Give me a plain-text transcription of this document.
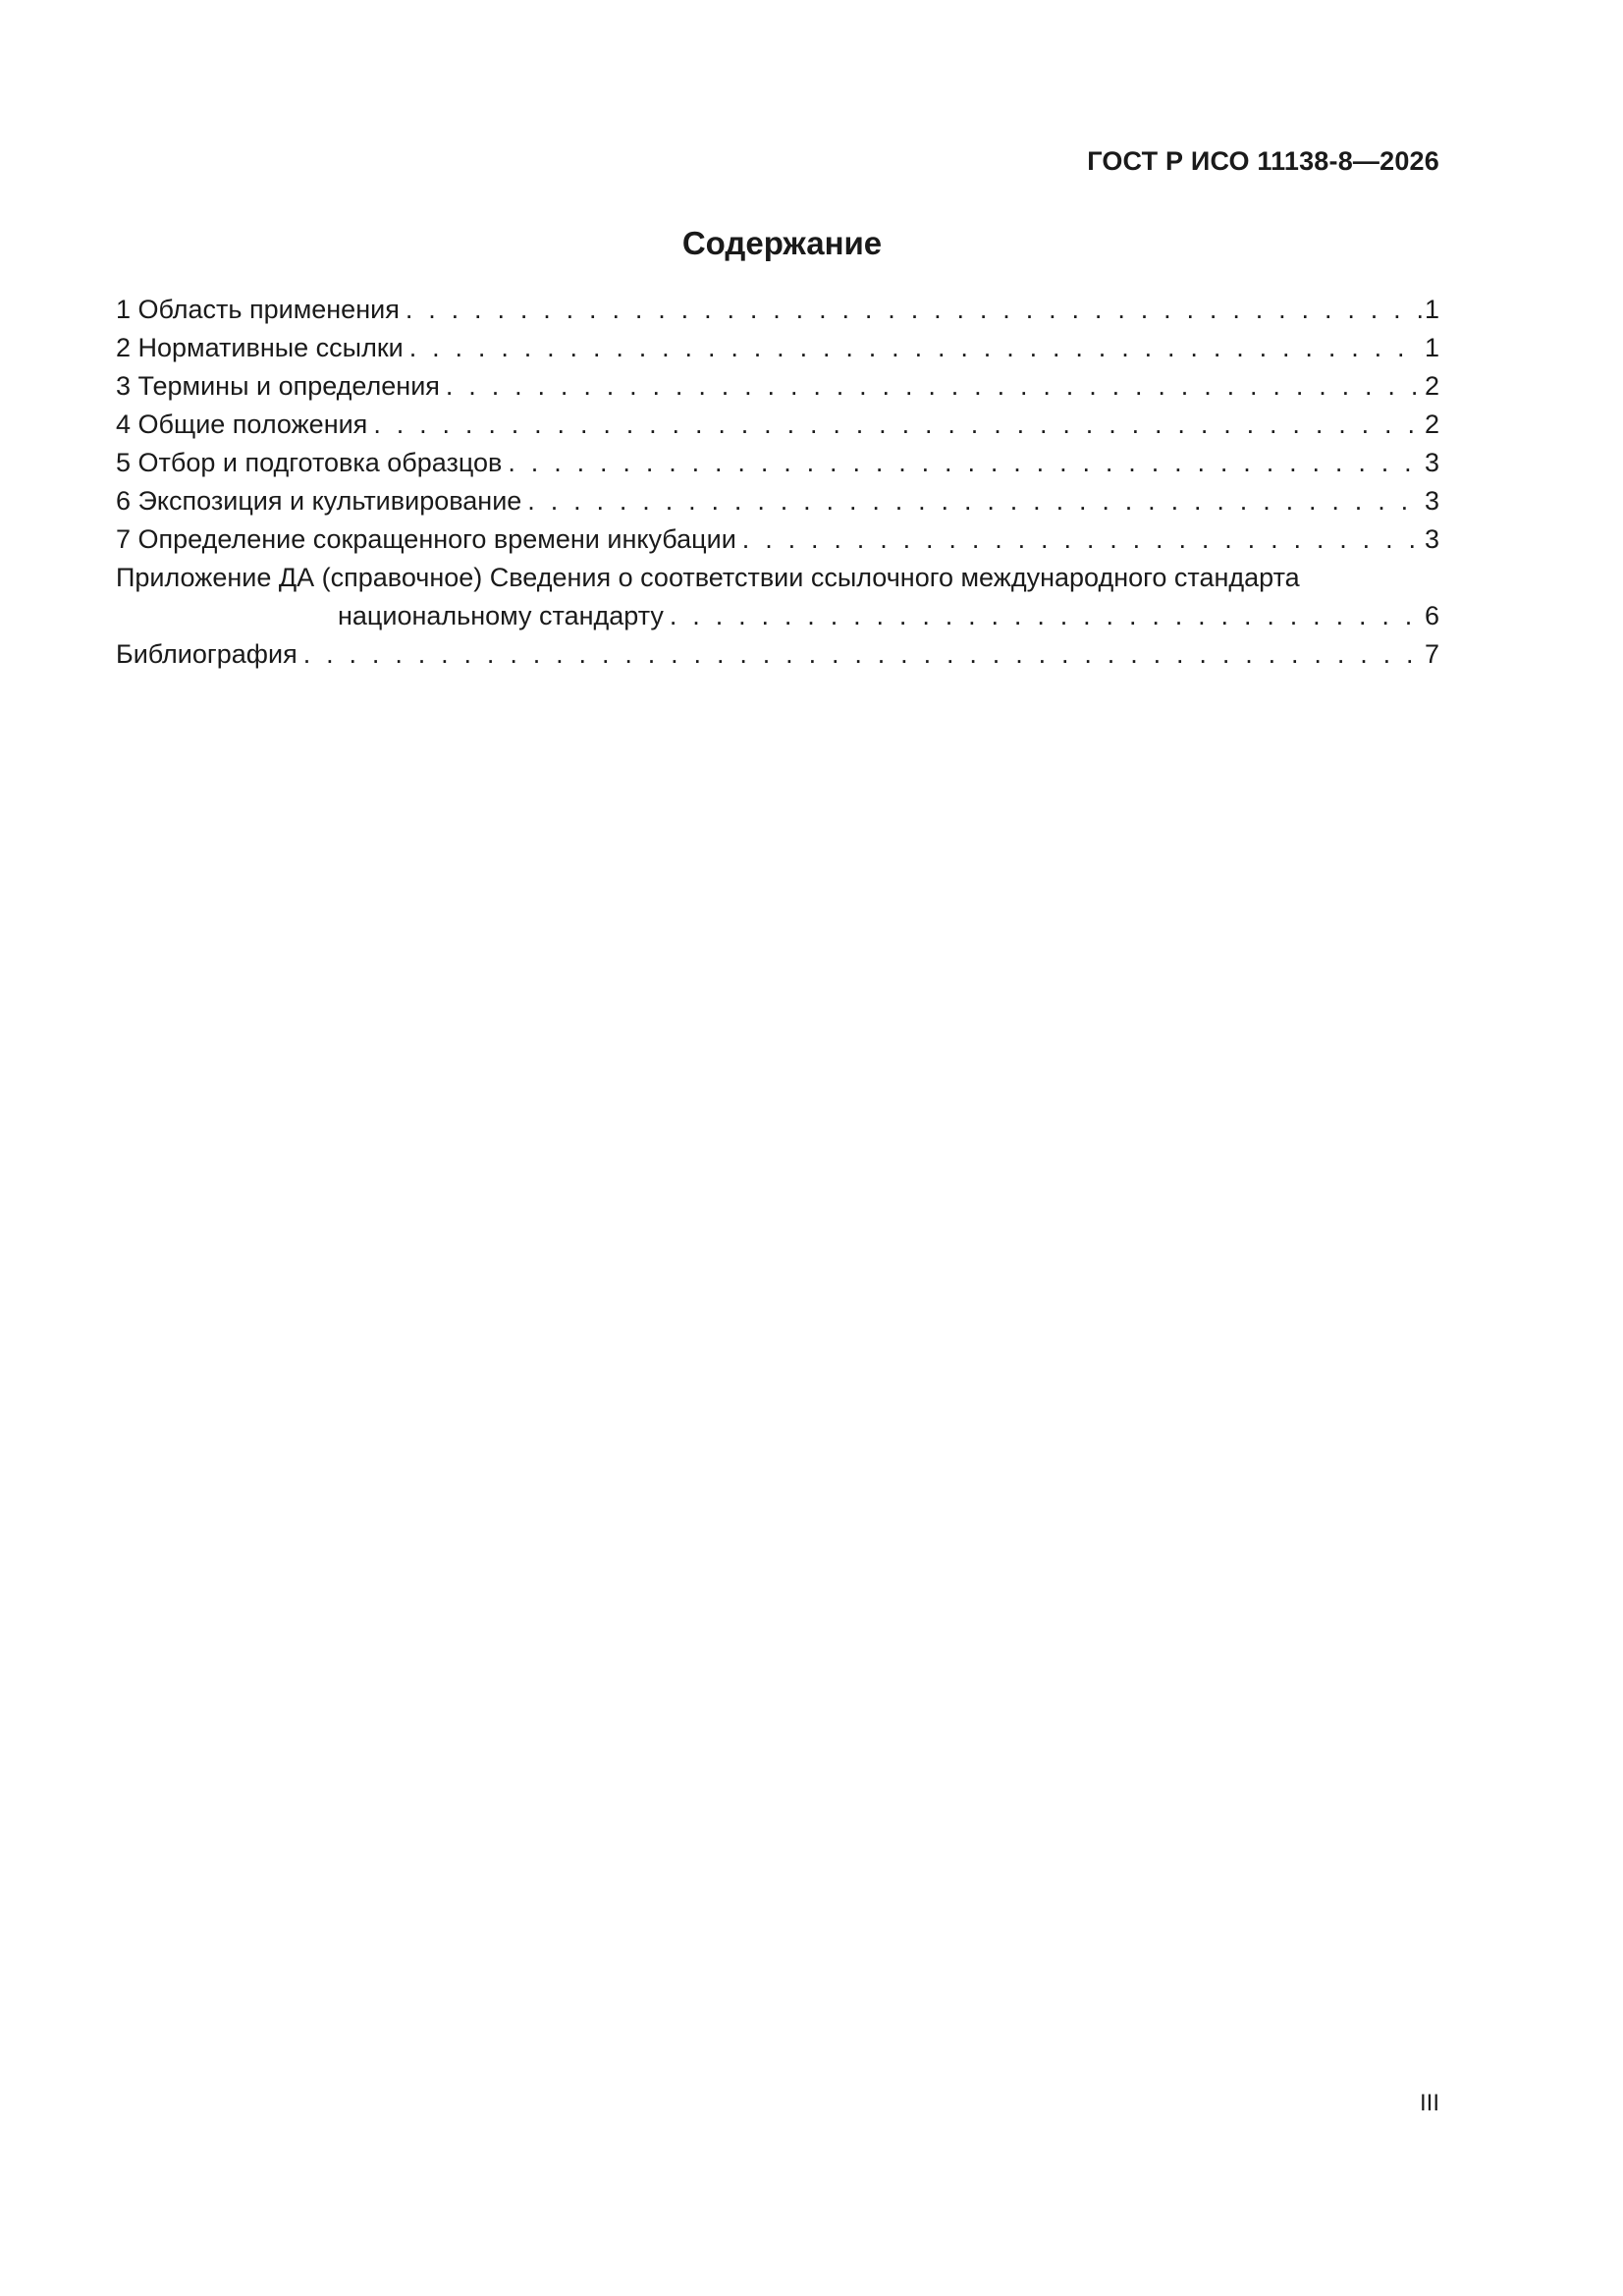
ГОСТ Р ИСО 11138-8—2026
Содержание
1 Область применения . . .	1
2 Нормативные ссылки . . .	1
3 Термины и определения . . .	2
4 Общие положения . . .	2
5 Отбор и подготовка образцов . . .	3
6 Экспозиция и культивирование . . .	3
7 Определение сокращенного времени инкубации . . .	3
Приложение ДА (справочное) Сведения о соответствии ссылочного международного стандарта
национальному стандарту . . .	6
Библиография . . .	7
III
